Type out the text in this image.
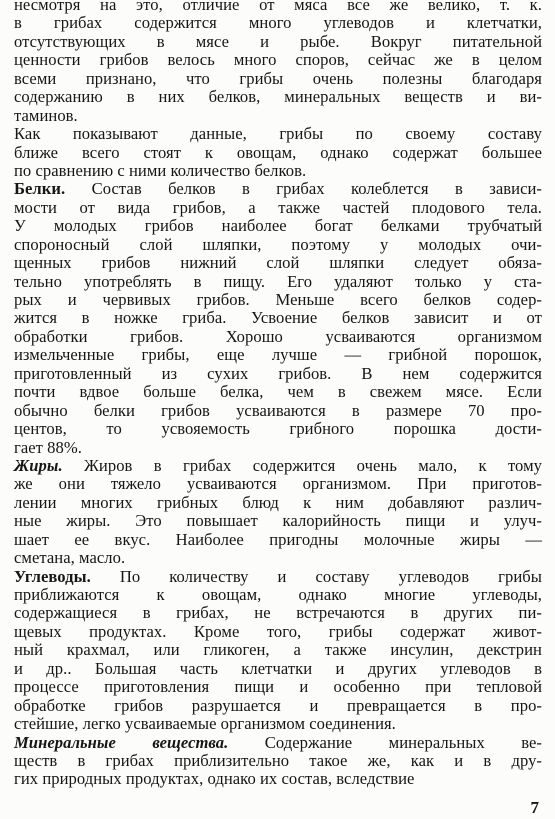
несмотря на это, отличие от мяса все же велико, т. к.
в грибах содержится много углеводов и клетчатки,
отсутствующих в мясе и рыбе. Вокруг питательной
ценности грибов велось много споров, сейчас же в целом
всеми признано, что грибы очень полезны благодаря
содержанию в них белков, минеральных веществ и ви-
таминов.
Как показывают данные, грибы по своему составу
ближе всего стоят к овощам, однако содержат большее
по сравнению с ними количество белков.
Белки. Состав белков в грибах колеблется в зависи-
мости от вида грибов, а также частей плодового тела.
У молодых грибов наиболее богат белками трубчатый
спороносный слой шляпки, поэтому у молодых очи-
щенных грибов нижний слой шляпки следует обяза-
тельно употреблять в пищу. Его удаляют только у ста-
рых и червивых грибов. Меньше всего белков содер-
жится в ножке гриба. Усвоение белков зависит и от
обработки грибов. Хорошо усваиваются организмом
измельченные грибы, еще лучше — грибной порошок,
приготовленный из сухих грибов. В нем содержится
почти вдвое больше белка, чем в свежем мясе. Если
обычно белки грибов усваиваются в размере 70 про-
центов, то усвояемость грибного порошка дости-
гает 88%.
Жиры. Жиров в грибах содержится очень мало, к тому
же они тяжело усваиваются организмом. При приготов-
лении многих грибных блюд к ним добавляют различ-
ные жиры. Это повышает калорийность пищи и улуч-
шает ее вкус. Наиболее пригодны молочные жиры —
сметана, масло.
Углеводы. По количеству и составу углеводов грибы
приближаются к овощам, однако многие углеводы,
содержащиеся в грибах, не встречаются в других пи-
щевых продуктах. Кроме того, грибы содержат живот-
ный крахмал, или гликоген, а также инсулин, декстрин
и др.. Большая часть клетчатки и других углеводов в
процессе приготовления пищи и особенно при тепловой
обработке грибов разрушается и превращается в про-
стейшие, легко усваиваемые организмом соединения.
Минеральные вещества. Содержание минеральных ве-
ществ в грибах приблизительно такое же, как и в дру-
гих природных продуктах, однако их состав, вследствие
7
